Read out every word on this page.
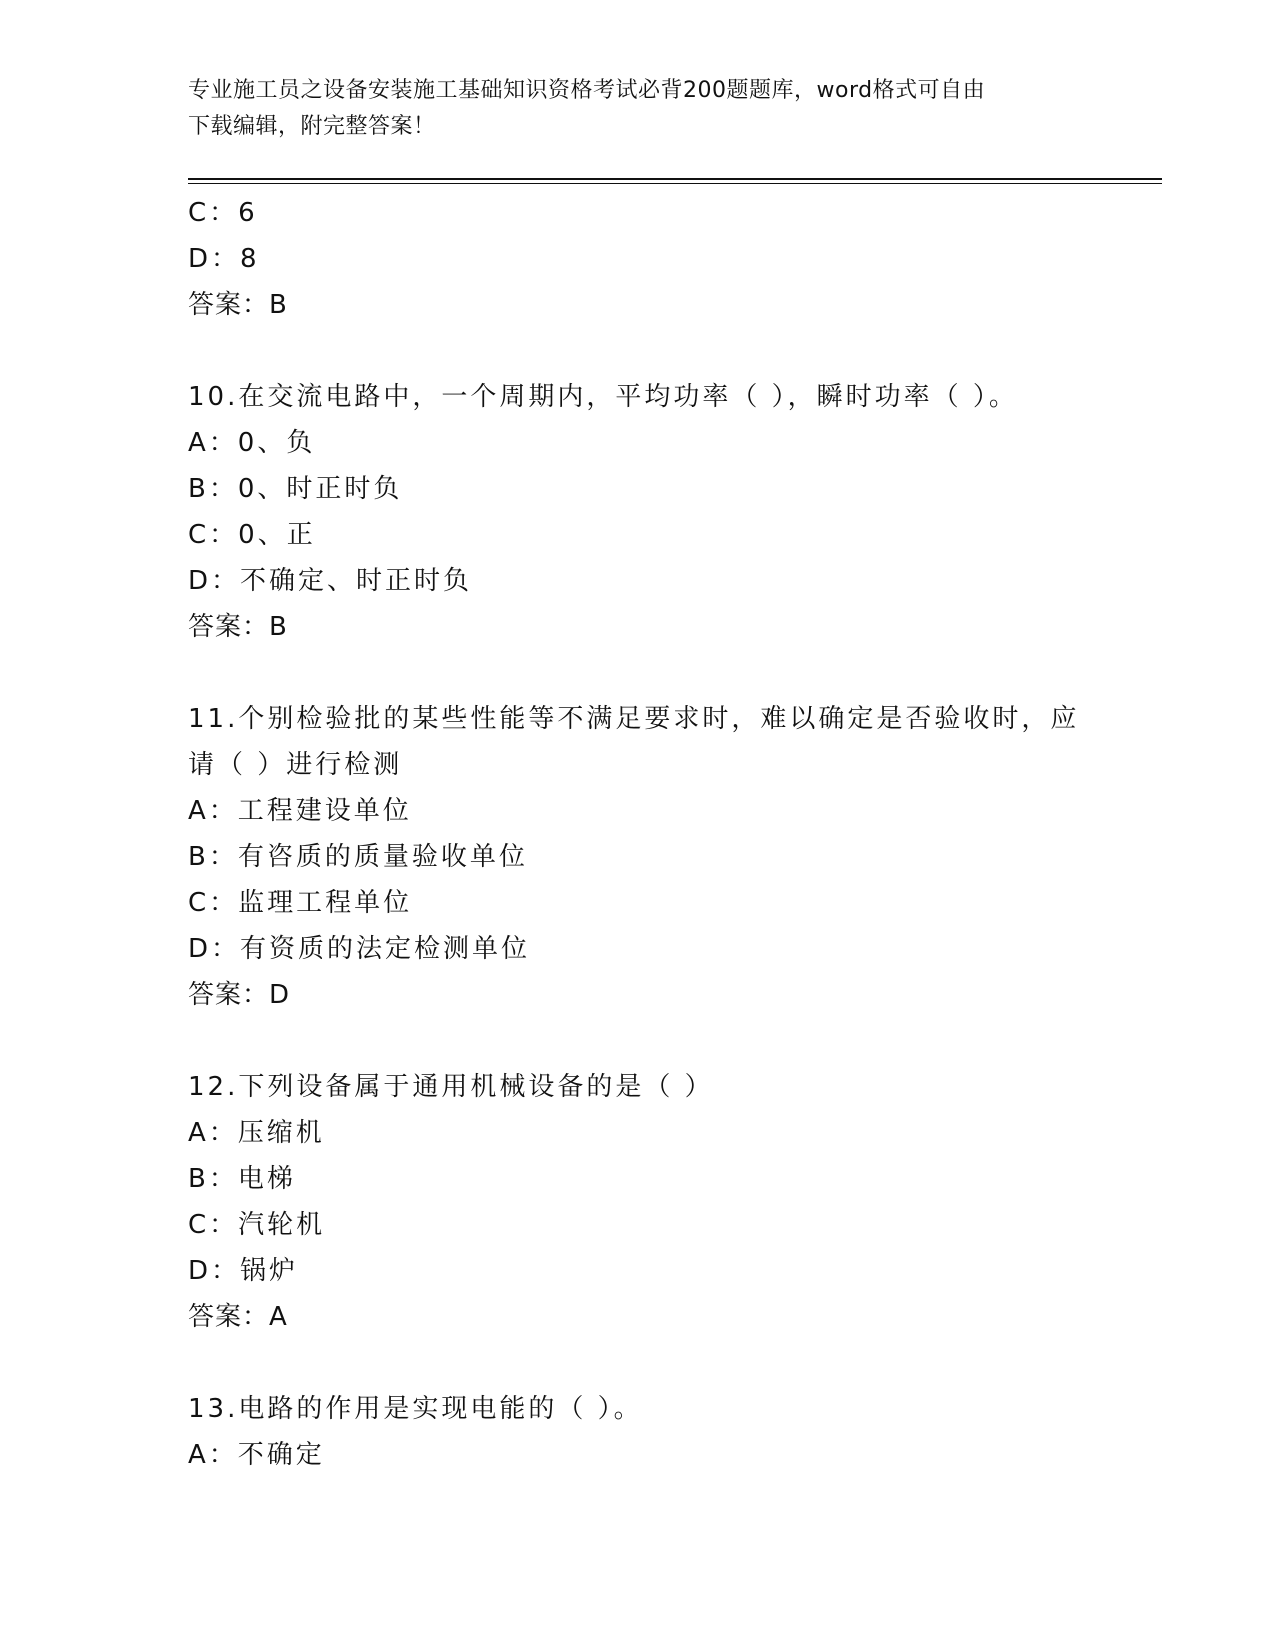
专业施工员之设备安装施工基础知识资格考试必背200题题库，word格式可自由
下载编辑，附完整答案！
C：6
D：8
答案：B
10.在交流电路中，一个周期内，平均功率（ ），瞬时功率（ ）。
A：0、负
B：0、时正时负
C：0、正
D：不确定、时正时负
答案：B
11.个别检验批的某些性能等不满足要求时，难以确定是否验收时，应
请（ ）进行检测
A：工程建设单位
B：有咨质的质量验收单位
C：监理工程单位
D：有资质的法定检测单位
答案：D
12.下列设备属于通用机械设备的是（ ）
A：压缩机
B：电梯
C：汽轮机
D：锅炉
答案：A
13.电路的作用是实现电能的（ ）。
A：不确定
